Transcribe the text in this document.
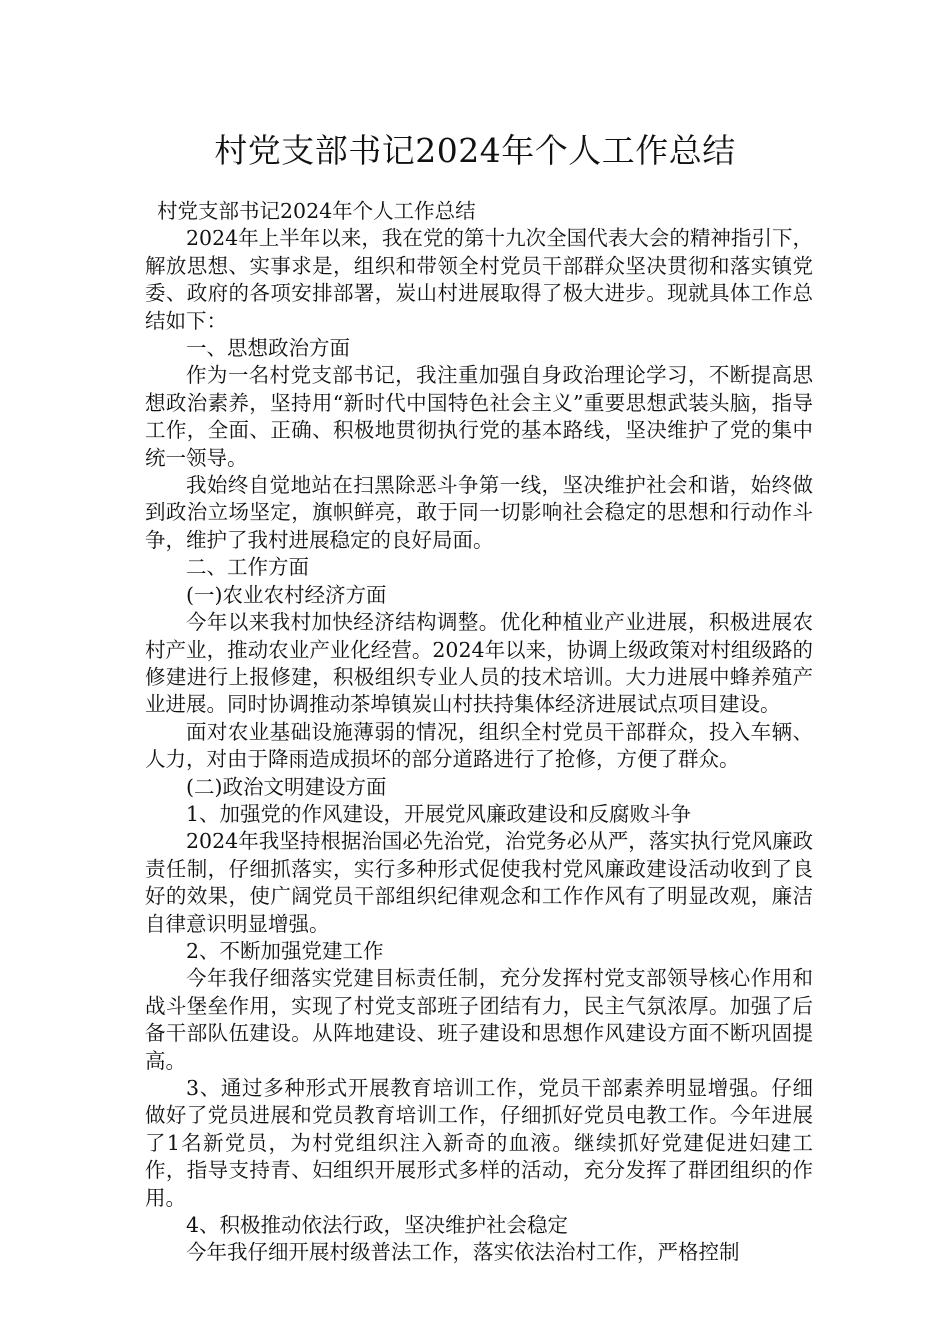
村党支部书记2024年个人工作总结

村党支部书记2024年个人工作总结

2024年上半年以来，我在党的第十九次全国代表大会的精神指引下，解放思想、实事求是，组织和带领全村党员干部群众坚决贯彻和落实镇党委、政府的各项安排部署，炭山村进展取得了极大进步。现就具体工作总结如下：

一、思想政治方面

作为一名村党支部书记，我注重加强自身政治理论学习，不断提高思想政治素养，坚持用“新时代中国特色社会主义”重要思想武装头脑，指导工作，全面、正确、积极地贯彻执行党的基本路线，坚决维护了党的集中统一领导。

我始终自觉地站在扫黑除恶斗争第一线，坚决维护社会和谐，始终做到政治立场坚定，旗帜鲜亮，敢于同一切影响社会稳定的思想和行动作斗争，维护了我村进展稳定的良好局面。

二、工作方面

(一)农业农村经济方面

今年以来我村加快经济结构调整。优化种植业产业进展，积极进展农村产业，推动农业产业化经营。2024年以来，协调上级政策对村组级路的修建进行上报修建，积极组织专业人员的技术培训。大力进展中蜂养殖产业进展。同时协调推动茶埠镇炭山村扶持集体经济进展试点项目建设。

面对农业基础设施薄弱的情况，组织全村党员干部群众，投入车辆、人力，对由于降雨造成损坏的部分道路进行了抢修，方便了群众。

(二)政治文明建设方面

1、加强党的作风建设，开展党风廉政建设和反腐败斗争

2024年我坚持根据治国必先治党，治党务必从严，落实执行党风廉政责任制，仔细抓落实，实行多种形式促使我村党风廉政建设活动收到了良好的效果，使广阔党员干部组织纪律观念和工作作风有了明显改观，廉洁自律意识明显增强。

2、不断加强党建工作

今年我仔细落实党建目标责任制，充分发挥村党支部领导核心作用和战斗堡垒作用，实现了村党支部班子团结有力，民主气氛浓厚。加强了后备干部队伍建设。从阵地建设、班子建设和思想作风建设方面不断巩固提高。

3、通过多种形式开展教育培训工作，党员干部素养明显增强。仔细做好了党员进展和党员教育培训工作，仔细抓好党员电教工作。今年进展了1名新党员，为村党组织注入新奇的血液。继续抓好党建促进妇建工作，指导支持青、妇组织开展形式多样的活动，充分发挥了群团组织的作用。

4、积极推动依法行政，坚决维护社会稳定

今年我仔细开展村级普法工作，落实依法治村工作，严格控制
